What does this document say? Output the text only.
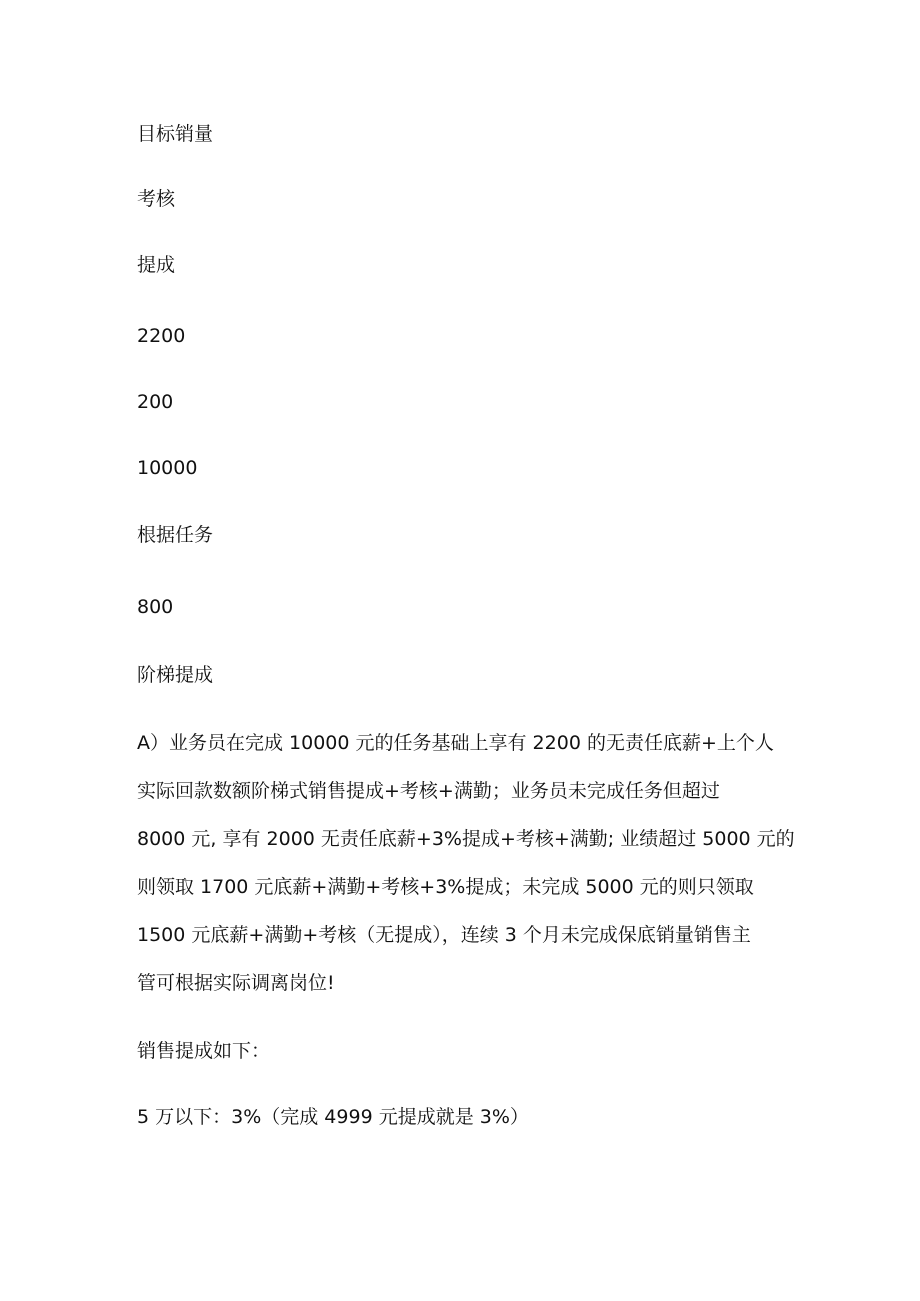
目标销量
考核
提成
2200
200
10000
根据任务
800
阶梯提成
A）业务员在完成 10000 元的任务基础上享有 2200 的无责任底薪+上个人
实际回款数额阶梯式销售提成+考核+满勤；业务员未完成任务但超过
8000 元, 享有 2000 无责任底薪+3%提成+考核+满勤; 业绩超过 5000 元的
则领取 1700 元底薪+满勤+考核+3%提成；未完成 5000 元的则只领取
1500 元底薪+满勤+考核（无提成），连续 3 个月未完成保底销量销售主
管可根据实际调离岗位!
销售提成如下：
5 万以下：3%（完成 4999 元提成就是 3%）
